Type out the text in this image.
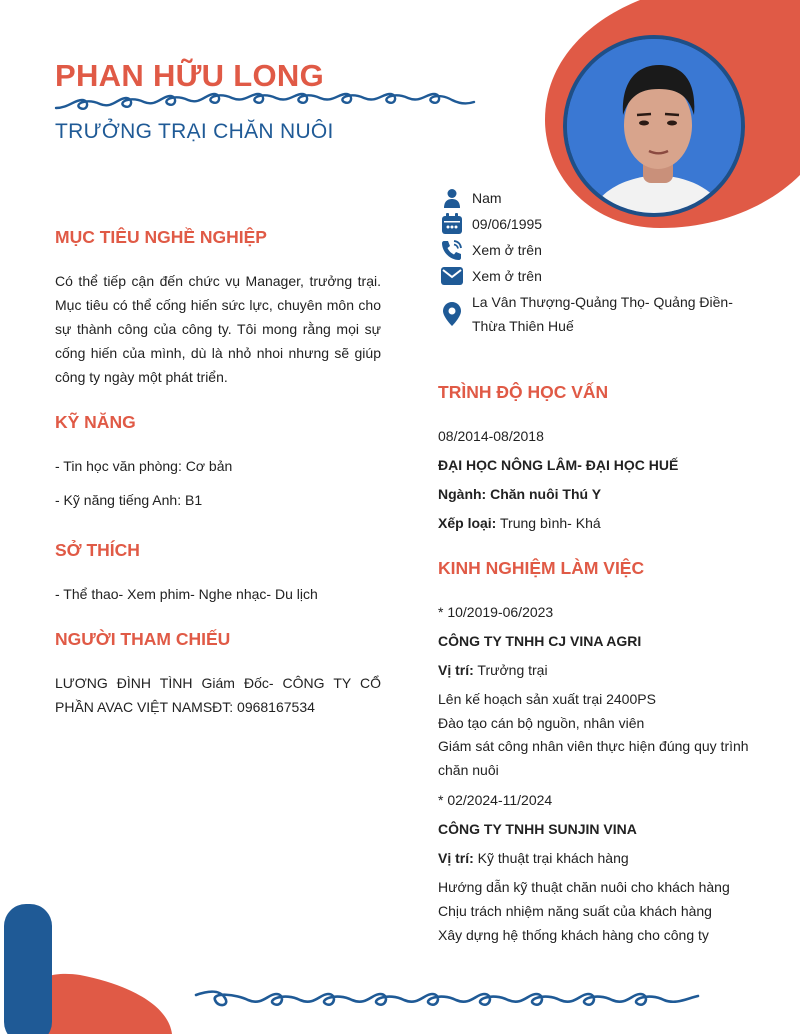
PHAN HỮU LONG
TRƯỞNG TRẠI CHĂN NUÔI
Nam
09/06/1995
Xem ở trên
Xem ở trên
La Vân Thượng-Quảng Thọ- Quảng Điền- Thừa Thiên Huế
MỤC TIÊU NGHỀ NGHIỆP
Có thể tiếp cận đến chức vụ Manager, trưởng trại. Mục tiêu có thể cống hiến sức lực, chuyên môn cho sự thành công của công ty. Tôi mong rằng mọi sự cống hiến của mình, dù là nhỏ nhoi nhưng sẽ giúp công ty ngày một phát triển.
KỸ NĂNG
- Tin học văn phòng: Cơ bản
- Kỹ năng tiếng Anh: B1
SỞ THÍCH
- Thể thao- Xem phim- Nghe nhạc- Du lịch
NGƯỜI THAM CHIẾU
LƯƠNG ĐÌNH TÌNH Giám Đốc- CÔNG TY CỔ PHẦN AVAC VIỆT NAMSĐT: 0968167534
TRÌNH ĐỘ HỌC VẤN
08/2014-08/2018
ĐẠI HỌC NÔNG LÂM- ĐẠI HỌC HUẾ
Ngành: Chăn nuôi Thú Y
Xếp loại: Trung bình- Khá
KINH NGHIỆM LÀM VIỆC
* 10/2019-06/2023
CÔNG TY TNHH CJ VINA AGRI
Vị trí: Trưởng trại
Lên kế hoạch sản xuất trại 2400PS
Đào tạo cán bộ nguồn, nhân viên
Giám sát công nhân viên thực hiện đúng quy trình chăn nuôi
* 02/2024-11/2024
CÔNG TY TNHH SUNJIN VINA
Vị trí: Kỹ thuật trại khách hàng
Hướng dẫn kỹ thuật chăn nuôi cho khách hàng
Chịu trách nhiệm năng suất của khách hàng
Xây dựng hệ thống khách hàng cho công ty
